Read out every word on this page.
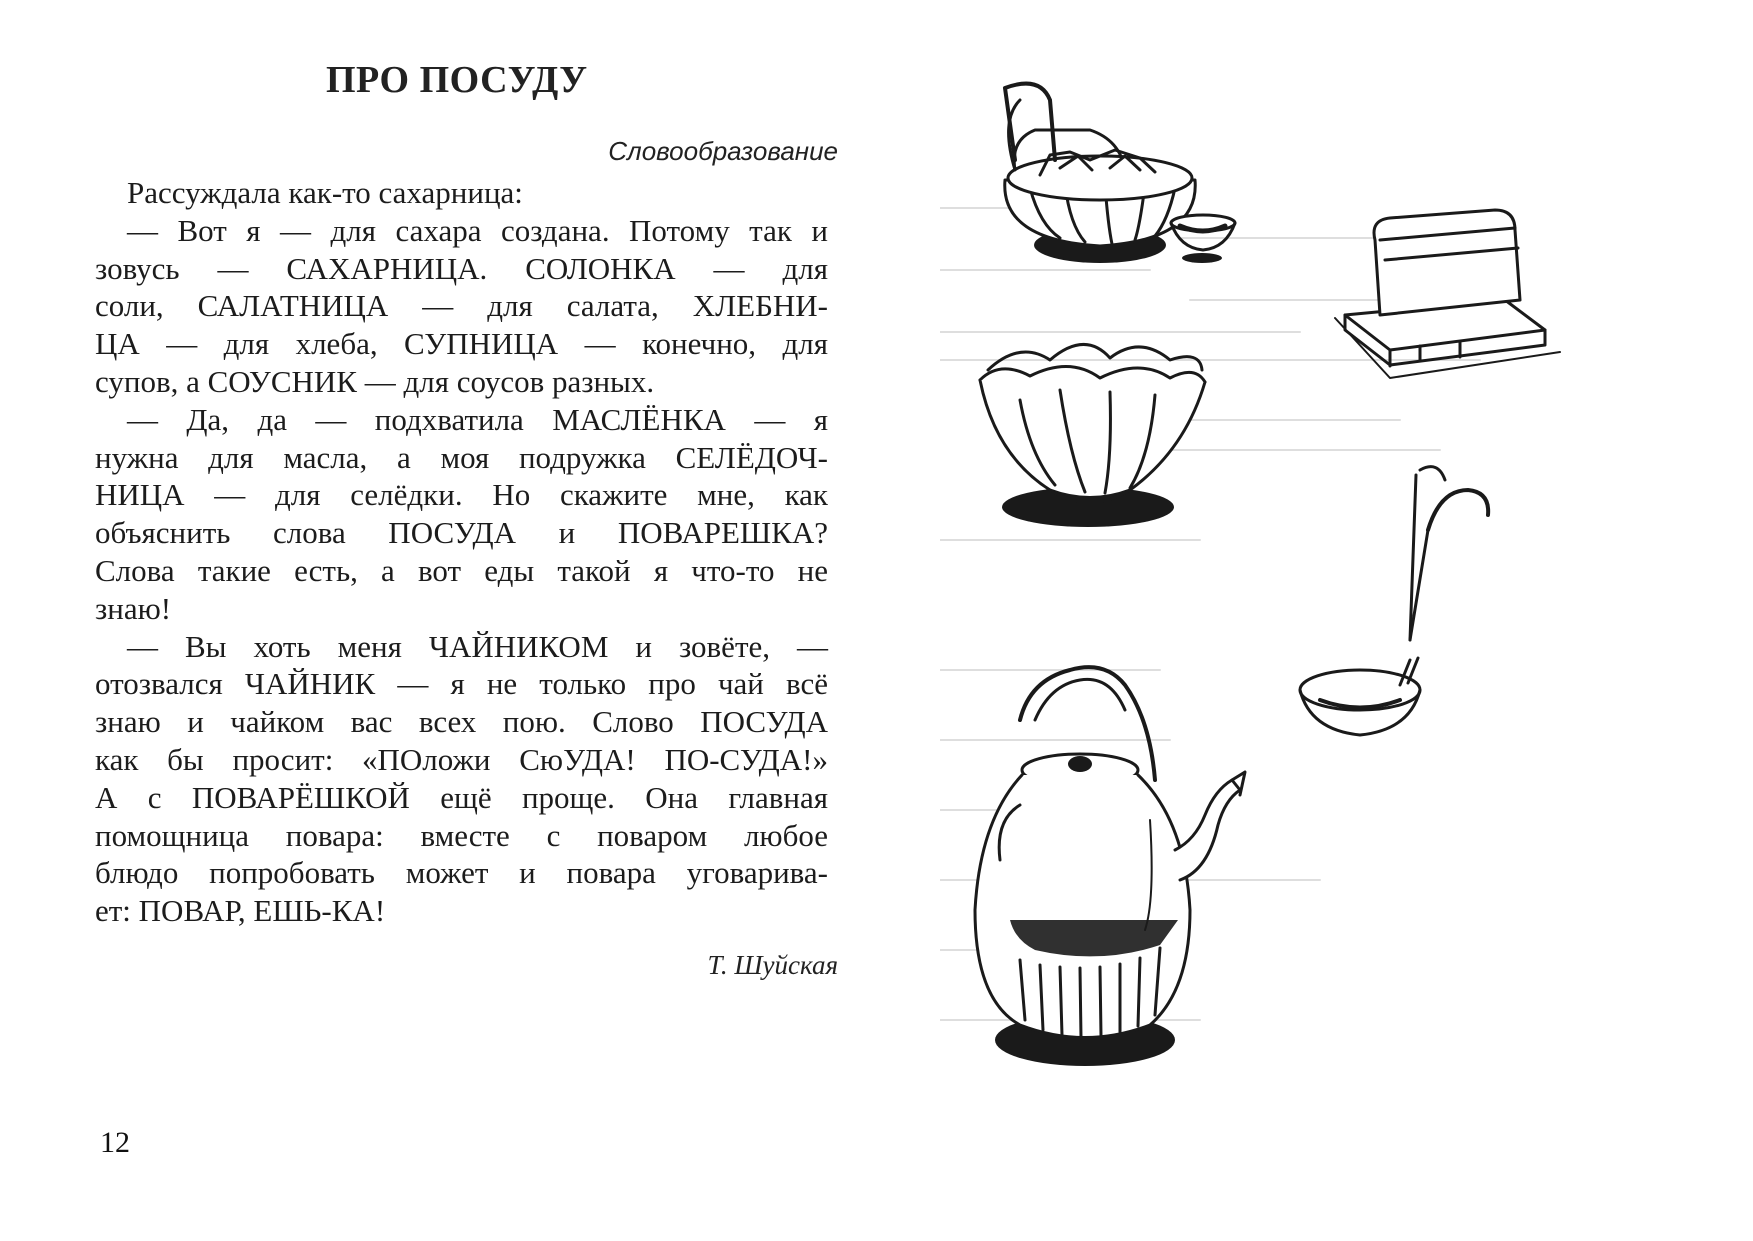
ПРО ПОСУДУ
Словообразование
Рассуждала как-то сахарница:
— Вот я — для сахара создана. Потому так и
зовусь — САХАРНИЦА. СОЛОНКА — для
соли, САЛАТНИЦА — для салата, ХЛЕБНИ-
ЦА — для хлеба, СУПНИЦА — конечно, для
супов, а СОУСНИК — для соусов разных.
— Да, да — подхватила МАСЛЁНКА — я
нужна для масла, а моя подружка СЕЛЁДОЧ-
НИЦА — для селёдки. Но скажите мне, как
объяснить слова ПОСУДА и ПОВАРЕШКА?
Слова такие есть, а вот еды такой я что-то не
знаю!
— Вы хоть меня ЧАЙНИКОМ и зовёте, —
отозвался ЧАЙНИК — я не только про чай всё
знаю и чайком вас всех пою. Слово ПОСУДА
как бы просит: «ПОложи СюУДА! ПО-СУДА!»
А с ПОВАРЁШКОЙ ещё проще. Она главная
помощница повара: вместе с поваром любое
блюдо попробовать может и повара уговарива-
ет: ПОВАР, ЕШЬ-КА!
Т. Шуйская
12
